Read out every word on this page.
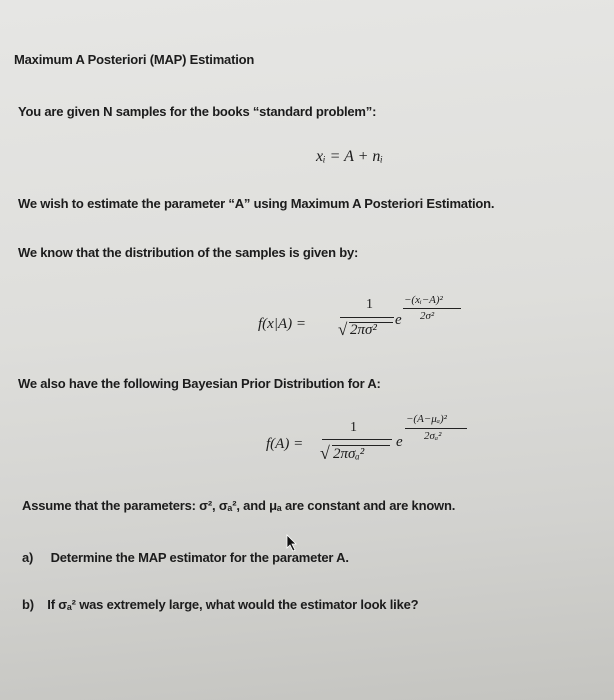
Maximum A Posteriori (MAP) Estimation
You are given N samples for the books “standard problem”:
xᵢ = A + nᵢ
We wish to estimate the parameter “A” using Maximum A Posteriori Estimation.
We know that the distribution of the samples is given by:
f(x|A) =
1
√ 2πσ²
e
−(xᵢ−A)²
2σ²
We also have the following Bayesian Prior Distribution for A:
f(A) =
1
√ 2πσₐ²
e
−(A−μₐ)²
2σₐ²
Assume that the parameters: σ², σₐ², and μₐ are constant and are known.
a) Determine the MAP estimator for the parameter A.
b) If σₐ² was extremely large, what would the estimator look like?
